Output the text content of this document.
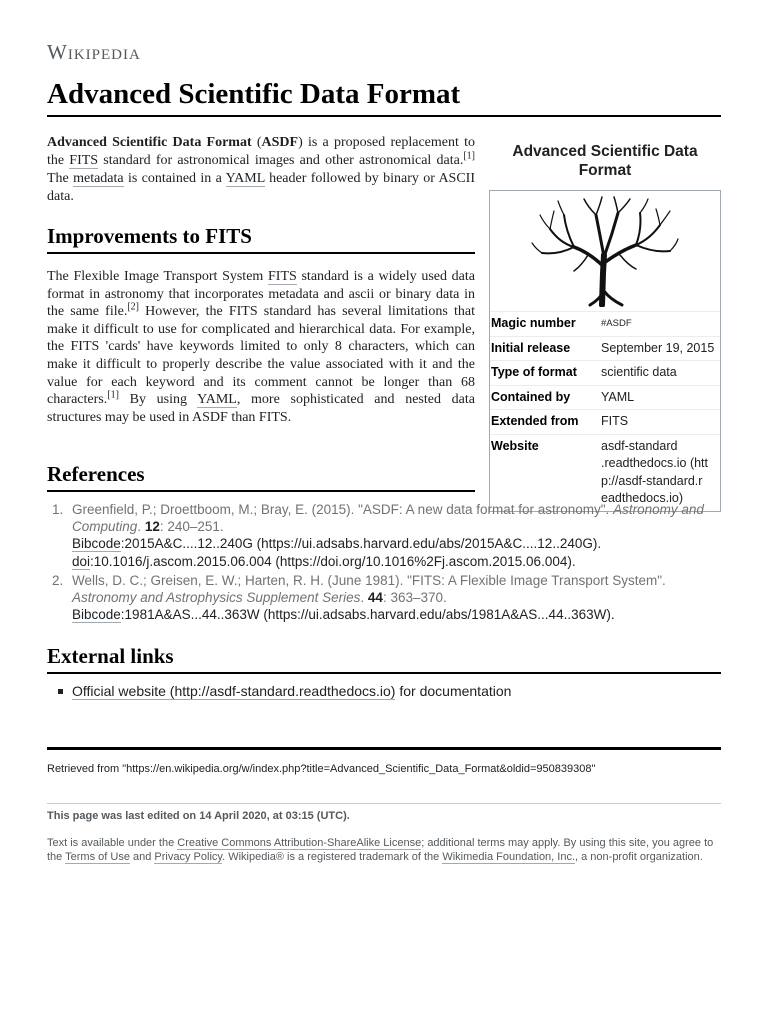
Wikipedia
Advanced Scientific Data Format

Advanced Scientific Data Format (ASDF) is a proposed replacement to the FITS standard for astronomical images and other astronomical data.[1] The metadata is contained in a YAML header followed by binary or ASCII data.

Improvements to FITS

The Flexible Image Transport System FITS standard is a widely used data format in astronomy that incorporates metadata and ascii or binary data in the same file.[2] However, the FITS standard has several limitations that make it difficult to use for complicated and hierarchical data. For example, the FITS 'cards' have keywords limited to only 8 characters, which can make it difficult to properly describe the value associated with it and the value for each keyword and its comment cannot be longer than 68 characters.[1] By using YAML, more sophisticated and nested data structures may be used in ASDF than FITS.

Advanced Scientific Data Format
Magic number	#ASDF
Initial release	September 19, 2015
Type of format	scientific data
Contained by	YAML
Extended from	FITS
Website	asdf-standard .readthedocs.io (htt p://asdf-standard.r eadthedocs.io)
References
1. Greenfield, P.; Droettboom, M.; Bray, E. (2015). "ASDF: A new data format for astronomy". Astronomy and Computing. 12: 240–251.
Bibcode:2015A&C....12..240G (https://ui.adsabs.harvard.edu/abs/2015A&C....12..240G).
doi:10.1016/j.ascom.2015.06.004 (https://doi.org/10.1016%2Fj.ascom.2015.06.004).
2. Wells, D. C.; Greisen, E. W.; Harten, R. H. (June 1981). "FITS: A Flexible Image Transport System". Astronomy and Astrophysics Supplement Series. 44: 363–370.
Bibcode:1981A&AS...44..363W (https://ui.adsabs.harvard.edu/abs/1981A&AS...44..363W).
External links
Official website (http://asdf-standard.readthedocs.io) for documentation
Retrieved from "https://en.wikipedia.org/w/index.php?title=Advanced_Scientific_Data_Format&oldid=950839308"
This page was last edited on 14 April 2020, at 03:15 (UTC).

Text is available under the Creative Commons Attribution-ShareAlike License; additional terms may apply. By using this site, you agree to the Terms of Use and Privacy Policy. Wikipedia® is a registered trademark of the Wikimedia Foundation, Inc., a non-profit organization.
